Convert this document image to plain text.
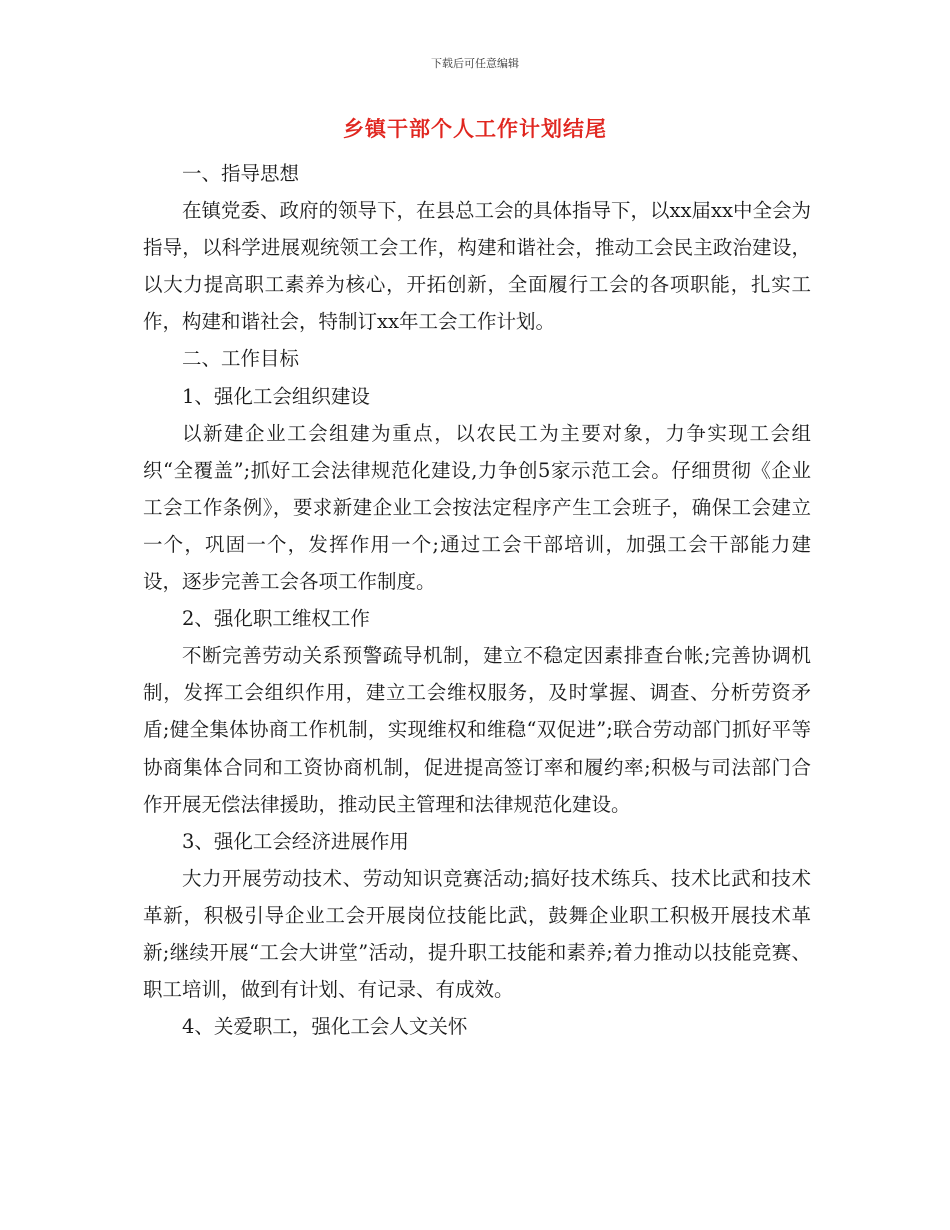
下载后可任意编辑
乡镇干部个人工作计划结尾

一、指导思想

在镇党委、政府的领导下，在县总工会的具体指导下，以xx届xx中全会为指导，以科学进展观统领工会工作，构建和谐社会，推动工会民主政治建设，以大力提高职工素养为核心，开拓创新，全面履行工会的各项职能，扎实工作，构建和谐社会，特制订xx年工会工作计划。

二、工作目标

1、强化工会组织建设

以新建企业工会组建为重点，以农民工为主要对象，力争实现工会组织“全覆盖”;抓好工会法律规范化建设,力争创5家示范工会。仔细贯彻《企业工会工作条例》，要求新建企业工会按法定程序产生工会班子，确保工会建立一个，巩固一个，发挥作用一个;通过工会干部培训，加强工会干部能力建设，逐步完善工会各项工作制度。

2、强化职工维权工作

不断完善劳动关系预警疏导机制，建立不稳定因素排查台帐;完善协调机制，发挥工会组织作用，建立工会维权服务，及时掌握、调查、分析劳资矛盾;健全集体协商工作机制，实现维权和维稳“双促进”;联合劳动部门抓好平等协商集体合同和工资协商机制，促进提高签订率和履约率;积极与司法部门合作开展无偿法律援助，推动民主管理和法律规范化建设。

3、强化工会经济进展作用

大力开展劳动技术、劳动知识竞赛活动;搞好技术练兵、技术比武和技术革新，积极引导企业工会开展岗位技能比武，鼓舞企业职工积极开展技术革新;继续开展“工会大讲堂”活动，提升职工技能和素养;着力推动以技能竞赛、职工培训，做到有计划、有记录、有成效。

4、关爱职工，强化工会人文关怀
